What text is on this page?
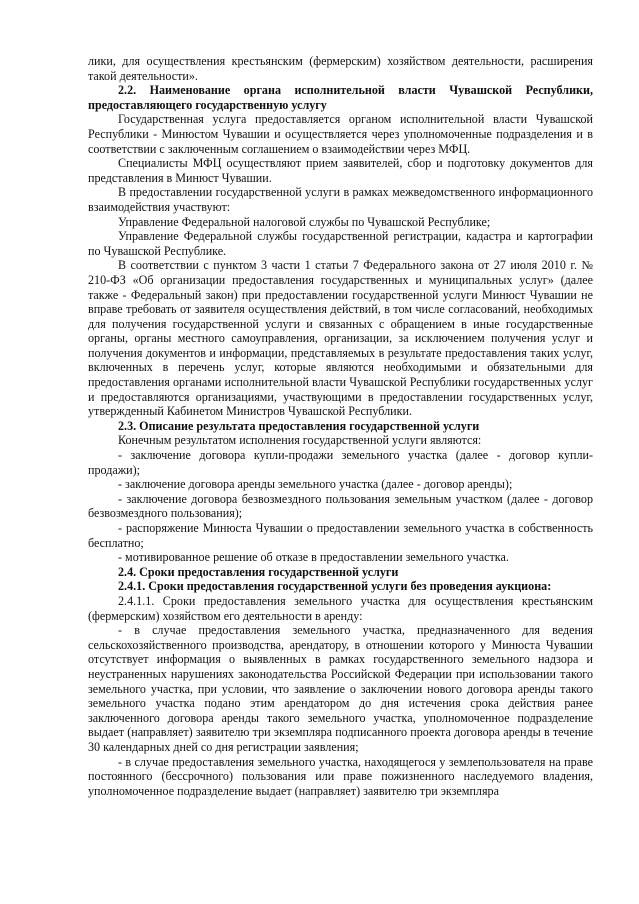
лики, для осуществления крестьянским (фермерским) хозяйством деятельности, расширения такой деятельности».

2.2. Наименование органа исполнительной власти Чувашской Республики, предоставляющего государственную услугу

Государственная услуга предоставляется органом исполнительной власти Чувашской Республики - Минюстом Чувашии и осуществляется через уполномоченные подразделения и в соответствии с заключенным соглашением о взаимодействии через МФЦ.

Специалисты МФЦ осуществляют прием заявителей, сбор и подготовку документов для представления в Минюст Чувашии.

В предоставлении государственной услуги в рамках межведомственного информационного взаимодействия участвуют:

Управление Федеральной налоговой службы по Чувашской Республике;

Управление Федеральной службы государственной регистрации, кадастра и картографии по Чувашской Республике.

В соответствии с пунктом 3 части 1 статьи 7 Федерального закона от 27 июля 2010 г. № 210-ФЗ «Об организации предоставления государственных и муниципальных услуг» (далее также - Федеральный закон) при предоставлении государственной услуги Минюст Чувашии не вправе требовать от заявителя осуществления действий, в том числе согласований, необходимых для получения государственной услуги и связанных с обращением в иные государственные органы, органы местного самоуправления, организации, за исключением получения услуг и получения документов и информации, представляемых в результате предоставления таких услуг, включенных в перечень услуг, которые являются необходимыми и обязательными для предоставления органами исполнительной власти Чувашской Республики государственных услуг и предоставляются организациями, участвующими в предоставлении государственных услуг, утвержденный Кабинетом Министров Чувашской Республики.

2.3. Описание результата предоставления государственной услуги

Конечным результатом исполнения государственной услуги являются:

- заключение договора купли-продажи земельного участка (далее - договор купли-продажи);

- заключение договора аренды земельного участка (далее - договор аренды);

- заключение договора безвозмездного пользования земельным участком (далее - договор безвозмездного пользования);

- распоряжение Минюста Чувашии о предоставлении земельного участка в собственность бесплатно;

- мотивированное решение об отказе в предоставлении земельного участка.

2.4. Сроки предоставления государственной услуги
2.4.1. Сроки предоставления государственной услуги без проведения аукциона:

2.4.1.1. Сроки предоставления земельного участка для осуществления крестьянским (фермерским) хозяйством его деятельности в аренду:

- в случае предоставления земельного участка, предназначенного для ведения сельскохозяйственного производства, арендатору, в отношении которого у Минюста Чувашии отсутствует информация о выявленных в рамках государственного земельного надзора и неустраненных нарушениях законодательства Российской Федерации при использовании такого земельного участка, при условии, что заявление о заключении нового договора аренды такого земельного участка подано этим арендатором до дня истечения срока действия ранее заключенного договора аренды такого земельного участка, уполномоченное подразделение выдает (направляет) заявителю три экземпляра подписанного проекта договора аренды в течение 30 календарных дней со дня регистрации заявления;

- в случае предоставления земельного участка, находящегося у землепользователя на праве постоянного (бессрочного) пользования или праве пожизненного наследуемого владения, уполномоченное подразделение выдает (направляет) заявителю три экземпляра
